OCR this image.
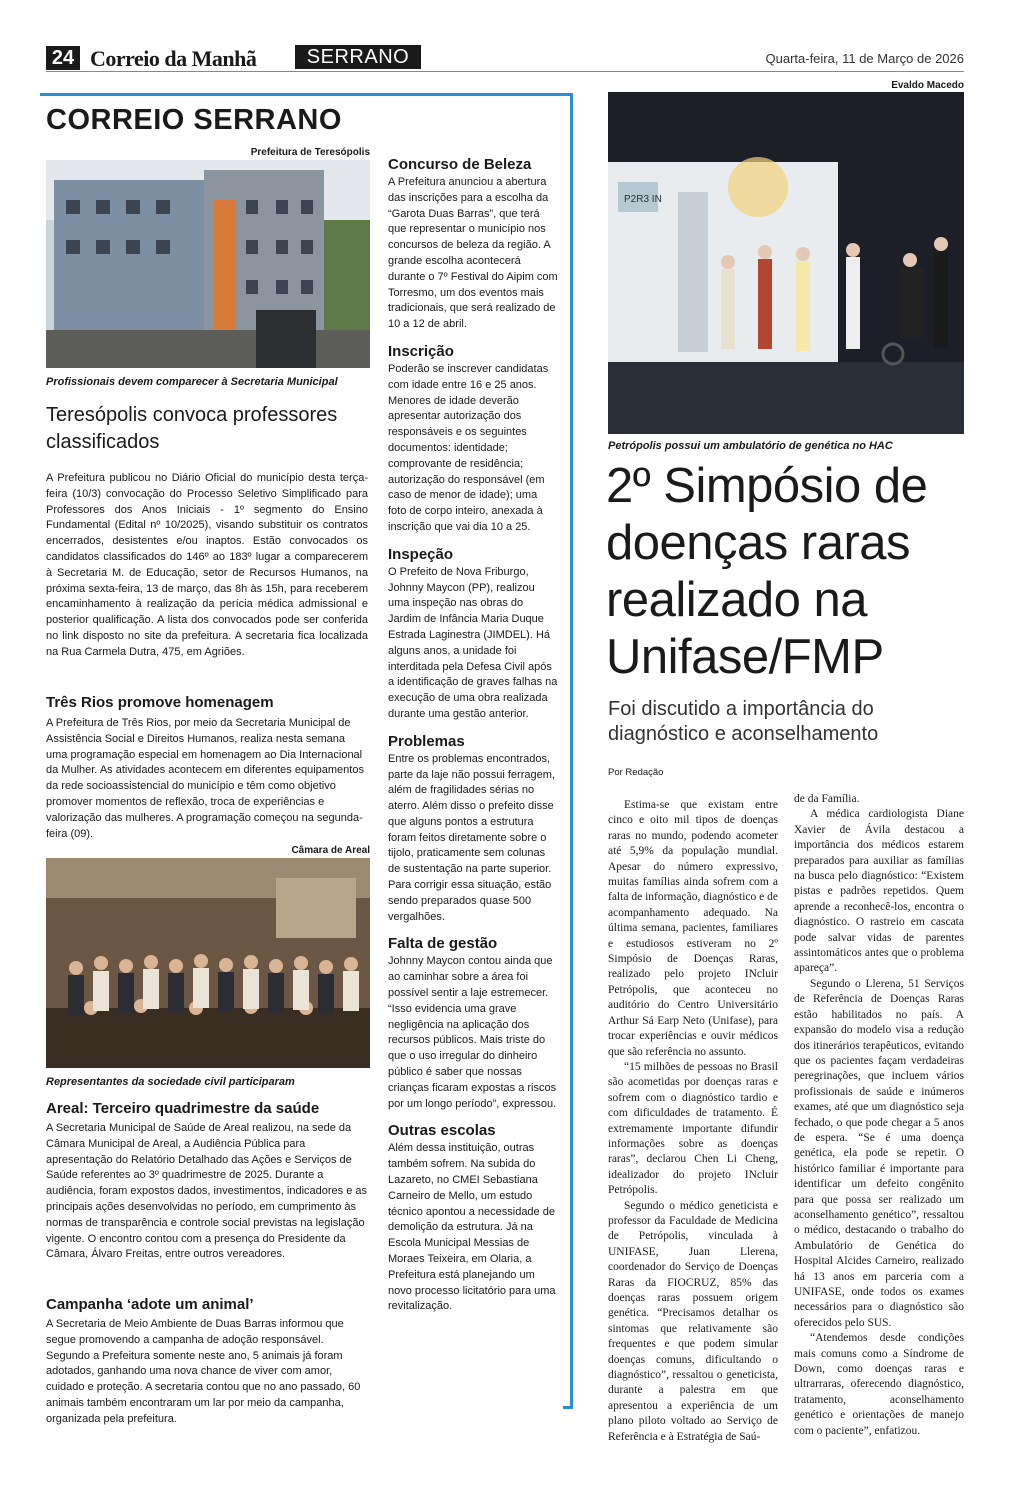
24 Correio da Manhã	SERRANO	Quarta-feira, 11 de Março de 2026
CORREIO SERRANO
Prefeitura de Teresópolis
Profissionais devem comparecer à Secretaria Municipal
Teresópolis convoca professores classificados

A Prefeitura publicou no Diário Oficial do município desta terça-feira (10/3) convocação do Processo Seletivo Simplificado para Professores dos Anos Iniciais - 1º segmento do Ensino Fundamental (Edital nº 10/2025), visando substituir os contratos encerrados, desistentes e/ou inaptos. Estão convocados os candidatos classificados do 146º ao 183º lugar a comparecerem à Secretaria M. de Educação, setor de Recursos Humanos, na próxima sexta-feira, 13 de março, das 8h às 15h, para receberem encaminhamento à realização da perícia médica admissional e posterior qualificação. A lista dos convocados pode ser conferida no link disposto no site da prefeitura. A secretaria fica localizada na Rua Carmela Dutra, 475, em Agriões.

Três Rios promove homenagem

A Prefeitura de Três Rios, por meio da Secretaria Municipal de Assistência Social e Direitos Humanos, realiza nesta semana uma programação especial em homenagem ao Dia Internacional da Mulher. As atividades acontecem em diferentes equipamentos da rede socioassistencial do município e têm como objetivo promover momentos de reflexão, troca de experiências e valorização das mulheres. A programação começou na segunda-feira (09).

Câmara de Areal
Representantes da sociedade civil participaram
Areal: Terceiro quadrimestre da saúde

A Secretaria Municipal de Saúde de Areal realizou, na sede da Câmara Municipal de Areal, a Audiência Pública para apresentação do Relatório Detalhado das Ações e Serviços de Saúde referentes ao 3º quadrimestre de 2025. Durante a audiência, foram expostos dados, investimentos, indicadores e as principais ações desenvolvidas no período, em cumprimento às normas de transparência e controle social previstas na legislação vigente. O encontro contou com a presença do Presidente da Câmara, Álvaro Freitas, entre outros vereadores.

Campanha ‘adote um animal’

A Secretaria de Meio Ambiente de Duas Barras informou que segue promovendo a campanha de adoção responsável. Segundo a Prefeitura somente neste ano, 5 animais já foram adotados, ganhando uma nova chance de viver com amor, cuidado e proteção. A secretaria contou que no ano passado, 60 animais também encontraram um lar por meio da campanha, organizada pela prefeitura.

Concurso de Beleza

A Prefeitura anunciou a abertura das inscrições para a escolha da “Garota Duas Barras”, que terá que representar o município nos concursos de beleza da região. A grande escolha acontecerá durante o 7º Festival do Aipim com Torresmo, um dos eventos mais tradicionais, que será realizado de 10 a 12 de abril.

Inscrição

Poderão se inscrever candidatas com idade entre 16 e 25 anos. Menores de idade deverão apresentar autorização dos responsáveis e os seguintes documentos: identidade; comprovante de residência; autorização do responsável (em caso de menor de idade); uma foto de corpo inteiro, anexada à inscrição que vai dia 10 a 25.

Inspeção

O Prefeito de Nova Friburgo, Johnny Maycon (PP), realizou uma inspeção nas obras do Jardim de Infância Maria Duque Estrada Laginestra (JIMDEL). Há alguns anos, a unidade foi interditada pela Defesa Civil após a identificação de graves falhas na execução de uma obra realizada durante uma gestão anterior.

Problemas

Entre os problemas encontrados, parte da laje não possui ferragem, além de fragilidades sérias no aterro. Além disso o prefeito disse que alguns pontos a estrutura foram feitos diretamente sobre o tijolo, praticamente sem colunas de sustentação na parte superior. Para corrigir essa situação, estão sendo preparados quase 500 vergalhões.

Falta de gestão

Johnny Maycon contou ainda que ao caminhar sobre a área foi possível sentir a laje estremecer. “Isso evidencia uma grave negligência na aplicação dos recursos públicos. Mais triste do que o uso irregular do dinheiro público é saber que nossas crianças ficaram expostas a riscos por um longo período”, expressou.

Outras escolas

Além dessa instituição, outras também sofrem. Na subida do Lazareto, no CMEI Sebastiana Carneiro de Mello, um estudo técnico apontou a necessidade de demolição da estrutura. Já na Escola Municipal Messias de Moraes Teixeira, em Olaria, a Prefeitura está planejando um novo processo licitatório para uma revitalização.

Evaldo Macedo
P2R3 IN
Petrópolis possui um ambulatório de genética no HAC
2º Simpósio de doenças raras realizado na Unifase/FMP
Foi discutido a importância do diagnóstico e aconselhamento
Por Redação

Estima-se que existam entre cinco e oito mil tipos de doenças raras no mundo, podendo acometer até 5,9% da população mundial. Apesar do número expressivo, muitas famílias ainda sofrem com a falta de informação, diagnóstico e de acompanhamento adequado. Na última semana, pacientes, familiares e estudiosos estiveram no 2º Simpósio de Doenças Raras, realizado pelo projeto INcluir Petrópolis, que aconteceu no auditório do Centro Universitário Arthur Sá Earp Neto (Unifase), para trocar experiências e ouvir médicos que são referência no assunto.

“15 milhões de pessoas no Brasil são acometidas por doenças raras e sofrem com o diagnóstico tardio e com dificuldades de tratamento. É extremamente importante difundir informações sobre as doenças raras”, declarou Chen Li Cheng, idealizador do projeto INcluir Petrópolis.

Segundo o médico geneticista e professor da Faculdade de Medicina de Petrópolis, vinculada à UNIFASE, Juan Llerena, coordenador do Serviço de Doenças Raras da FIOCRUZ, 85% das doenças raras possuem origem genética. “Precisamos detalhar os sintomas que relativamente são frequentes e que podem simular doenças comuns, dificultando o diagnóstico”, ressaltou o geneticista, durante a palestra em que apresentou a experiência de um plano piloto voltado ao Serviço de Referência e à Estratégia de Saú-

de da Família.

A médica cardiologista Diane Xavier de Ávila destacou a importância dos médicos estarem preparados para auxiliar as famílias na busca pelo diagnóstico: “Existem pistas e padrões repetidos. Quem aprende a reconhecê-los, encontra o diagnóstico. O rastreio em cascata pode salvar vidas de parentes assintomáticos antes que o problema apareça”.

Segundo o Llerena, 51 Serviços de Referência de Doenças Raras estão habilitados no país. A expansão do modelo visa a redução dos itinerários terapêuticos, evitando que os pacientes façam verdadeiras peregrinações, que incluem vários profissionais de saúde e inúmeros exames, até que um diagnóstico seja fechado, o que pode chegar a 5 anos de espera. “Se é uma doença genética, ela pode se repetir. O histórico familiar é importante para identificar um defeito congênito para que possa ser realizado um aconselhamento genético”, ressaltou o médico, destacando o trabalho do Ambulatório de Genética do Hospital Alcides Carneiro, realizado há 13 anos em parceria com a UNIFASE, onde todos os exames necessários para o diagnóstico são oferecidos pelo SUS.

“Atendemos desde condições mais comuns como a Síndrome de Down, como doenças raras e ultrarraras, oferecendo diagnóstico, tratamento, aconselhamento genético e orientações de manejo com o paciente”, enfatizou.
